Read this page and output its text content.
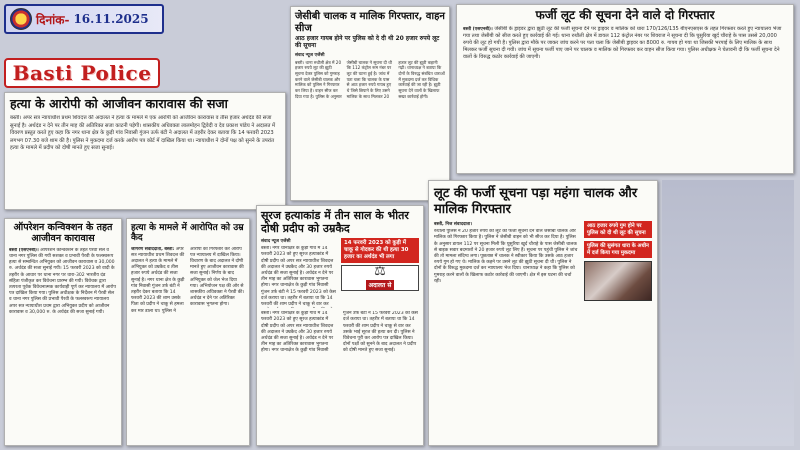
दिनांक- 16.11.2025
Basti Police
हत्या के आरोपी को आजीवन कारावास की सजा
बस्ती। अपर सत्र न्यायाधीश प्रथम शिवदत्त की अदालत ने हत्या के मामले में एक आरोपी को आजीवन कारावास व तीस हजार अर्थदंड की सजा सुनाई है। अर्थदंड न देने पर तीन माह की अतिरिक्त सजा काटनी पड़ेगी। शासकीय अधिवक्ता लालमोहन द्विवेदी व देव प्रकाश पांडेय ने अदालत में विवरण प्रस्तुत करते हुए कहा कि नगर थाना क्षेत्र के कुड़ी गांव निवासी गुंजन ऊर्फ बंटी ने अदालत में तहरीर देकर बताया कि 14 फरवरी 2023 लगभग 07.30 बजे शाम की है। पुलिस ने मुकदमा दर्ज करके आरोप पत्र कोर्ट में दाखिल किया था। न्यायाधीश ने दोनों पक्ष को सुनने के उपरांत हत्या के मामले में प्रदीप को दोषी मानते हुए सजा सुनाई।
ऑपरेशन कन्विक्शन के तहत आजीवन कारावास
बस्ती (एसएनबी)। ऑपरेशन कन्विक्शन के तहत पैरवी सेल व थाना नगर पुलिस की गयी सशक्त व प्रभावी पैरवी के फलस्वरूप हत्या से सम्बन्धित अभियुक्त को आजीवन कारावास व 30,000 रु. अर्थदंड की सजा सुनाई गयी। 15 फरवरी 2023 को वादी के तहरीर के आधार पर थाना नगर पर धारा-302 भारतीय दंड संहिता पंजीकृत कर विवेचना प्रारम्भ की गयी। विवेचक द्वारा तत्परता पूर्वक विवेचनात्मक कार्यवाही पूर्ण कर न्यायालय में आरोप पत्र दाखिल किया गया। पुलिस अधीक्षक के निर्देशन में पैरवी सेल व थाना नगर पुलिस की प्रभावी पैरवी के फलस्वरूप न्यायालय अपर सत्र न्यायाधीश प्रथम द्वारा अभियुक्त प्रदीप को आजीवन कारावास व 30,000 रु. के अर्थदंड की सजा सुनाई गयी।
हत्या के मामले में आरोपित को उम्र कैद
जागरण संवाददाता, बस्ती: अपर सत्र न्यायाधीश प्रथम शिवदत्त की अदालत ने हत्या के मामले में अभियुक्त को उम्रकैद व तीस हजार रुपये अर्थदंड की सजा सुनाई है। नगर थाना क्षेत्र के कुड़ी गांव निवासी गुंजन उर्फ बंटी ने तहरीर देकर बताया कि 14 फरवरी 2023 की शाम उसके पिता को प्रदीप ने चाकू से हमला कर मार डाला था। पुलिस ने आरोपी को गिरफ्तार कर आरोप पत्र न्यायालय में दाखिल किया। विचारण के बाद अदालत ने दोषी मानते हुए आजीवन कारावास की सजा सुनाई। निर्णय के बाद अभियुक्त को जेल भेज दिया गया। अभियोजन पक्ष की ओर से शासकीय अधिवक्ता ने पैरवी की। अर्थदंड न देने पर अतिरिक्त कारावास भुगतना होगा।
सूरज हत्याकांड में तीन साल के भीतर दोषी प्रदीप को उम्रकैद
संवाद न्यूज एजेंसी
बस्ती। नगर थानाक्षेत्र के कुड़ी गांव में 14 फरवरी 2023 को हुए सूरज हत्याकांड में दोषी प्रदीप को अपर सत्र न्यायाधीश शिवदत्त की अदालत ने उम्रकैद और 30 हजार रुपये अर्थदंड की सजा सुनाई है। अर्थदंड न देने पर तीन माह का अतिरिक्त कारावास भुगतना होगा। नगर थानाक्षेत्र के कुड़ी गांव निवासी गुंजन उर्फ बंटी ने 15 फरवरी 2023 को केस दर्ज कराया था। तहरीर में बताया था कि 14 फरवरी की शाम प्रदीप ने चाकू से वार कर
14 फरवरी 2023 को कुड़ी में चाकू से गोदकर की थी हत्या 30 हजार का अर्थदंड भी लगा
⚖
अदालत से
बस्ती। नगर थानाक्षेत्र के कुड़ी गांव में 14 फरवरी 2023 को हुए सूरज हत्याकांड में दोषी प्रदीप को अपर सत्र न्यायाधीश शिवदत्त की अदालत ने उम्रकैद और 30 हजार रुपये अर्थदंड की सजा सुनाई है। अर्थदंड न देने पर तीन माह का अतिरिक्त कारावास भुगतना होगा। नगर थानाक्षेत्र के कुड़ी गांव निवासी गुंजन उर्फ बंटी ने 15 फरवरी 2023 को केस दर्ज कराया था। तहरीर में बताया था कि 14 फरवरी की शाम प्रदीप ने चाकू से वार कर उसके भाई सूरज की हत्या कर दी। पुलिस ने विवेचना पूरी कर आरोप पत्र दाखिल किया। दोनों पक्षों को सुनने के बाद अदालत ने प्रदीप को दोषी मानते हुए सजा सुनाई।
जेसीबी चालक व मालिक गिरफ्तार, वाहन सीज
आठ हजार गायब होने पर पुलिस को दे दी थी 20 हजार रुपये लूट की सूचना
संवाद न्यूज एजेंसी
बस्ती। थाना रुधौली क्षेत्र में 20 हजार रुपये लूट की झूठी सूचना देकर पुलिस को गुमराह करने वाले जेसीबी चालक और मालिक को पुलिस ने गिरफ्तार कर लिया है। वाहन सीज कर दिया गया है। पुलिस के अनुसार जेसीबी चालक ने सूचना दी थी कि 112 कंट्रोल रूम नंबर पर लूट की घटना हुई है। जांच में पता चला कि चालक के पास से आठ हजार रुपये गायब हुए थे जिसे छिपाने के लिए उसने मालिक के साथ मिलकर 20 हजार लूट की झूठी कहानी गढ़ी। थानाध्यक्ष ने बताया कि दोनों के विरुद्ध संबंधित धाराओं में मुकदमा दर्ज कर विधिक कार्रवाई की जा रही है। झूठी सूचना देने वालों के खिलाफ सख्त कार्रवाई होगी।
फर्जी लूट की सूचना देने वाले दो गिरफ्तार
बस्ती (एसएनबी)। जेसीबी के ड्राइवर द्वारा झूठी लूट की फर्जी सूचना देने पर ड्राइवर व मालिक को धारा 170/126/135 बीएनएसएस के तहत गिरफ्तार करते हुए न्यायालय भेजा गया तथा जेसीबी को सीज करते हुए कार्रवाई की गई। थाना रुधौली क्षेत्र में डायल 112 कंट्रोल नंबर पर शिवराज ने सूचना दी कि घुसुरिया खुर्द चौराहे के पास उससे 20,000 रुपये की लूट हो गयी है। पुलिस द्वारा मौके पर जाकर जांच करने पर पता चला कि जेसीबी ड्राइवर का 8000 रु. गायब हो गया था जिसकी भरपाई के लिए मालिक के साथ मिलकर फर्जी सूचना दी गयी। जांच में सूचना फर्जी पाए जाने पर चालक व मालिक को गिरफ्तार कर वाहन सीज किया गया। पुलिस अधीक्षक ने चेतावनी दी कि फर्जी सूचना देने वालों के विरुद्ध कठोर कार्रवाई की जाएगी।
लूट की फर्जी सूचना पड़ा महंगा चालक और मालिक गिरफ्तार
बस्ती, निज संवाददाता।
रुधौली पुलिस ने 20 हजार रुपये की लूट की फर्जी सूचना देने वाले जेसीबी चालक और मालिक को गिरफ्तार किया है। पुलिस ने जेसीबी वाहन को भी सीज कर दिया है। पुलिस के अनुसार डायल 112 पर सूचना मिली कि घुसुरिया खुर्द चौराहे के पास जेसीबी चालक से बाइक सवार बदमाशों ने 20 हजार रुपये लूट लिए हैं। सूचना पर पहुंची पुलिस ने जांच की तो मामला संदिग्ध लगा। पूछताछ में चालक ने स्वीकार किया कि उसके आठ हजार रुपये गुम हो गए थे। मालिक के कहने पर उसने लूट की झूठी सूचना दी थी। पुलिस ने दोनों के विरुद्ध मुकदमा दर्ज कर न्यायालय भेज दिया। थानाध्यक्ष ने कहा कि पुलिस को गुमराह करने वालों के खिलाफ कठोर कार्रवाई की जाएगी। क्षेत्र में इस घटना की चर्चा रही।
आठ हजार रुपये गुम होने पर पुलिस को दी थी लूट की सूचना
पुलिस की सुसंगत धारा के अधीन में दर्ज किया गया मुकदमा
